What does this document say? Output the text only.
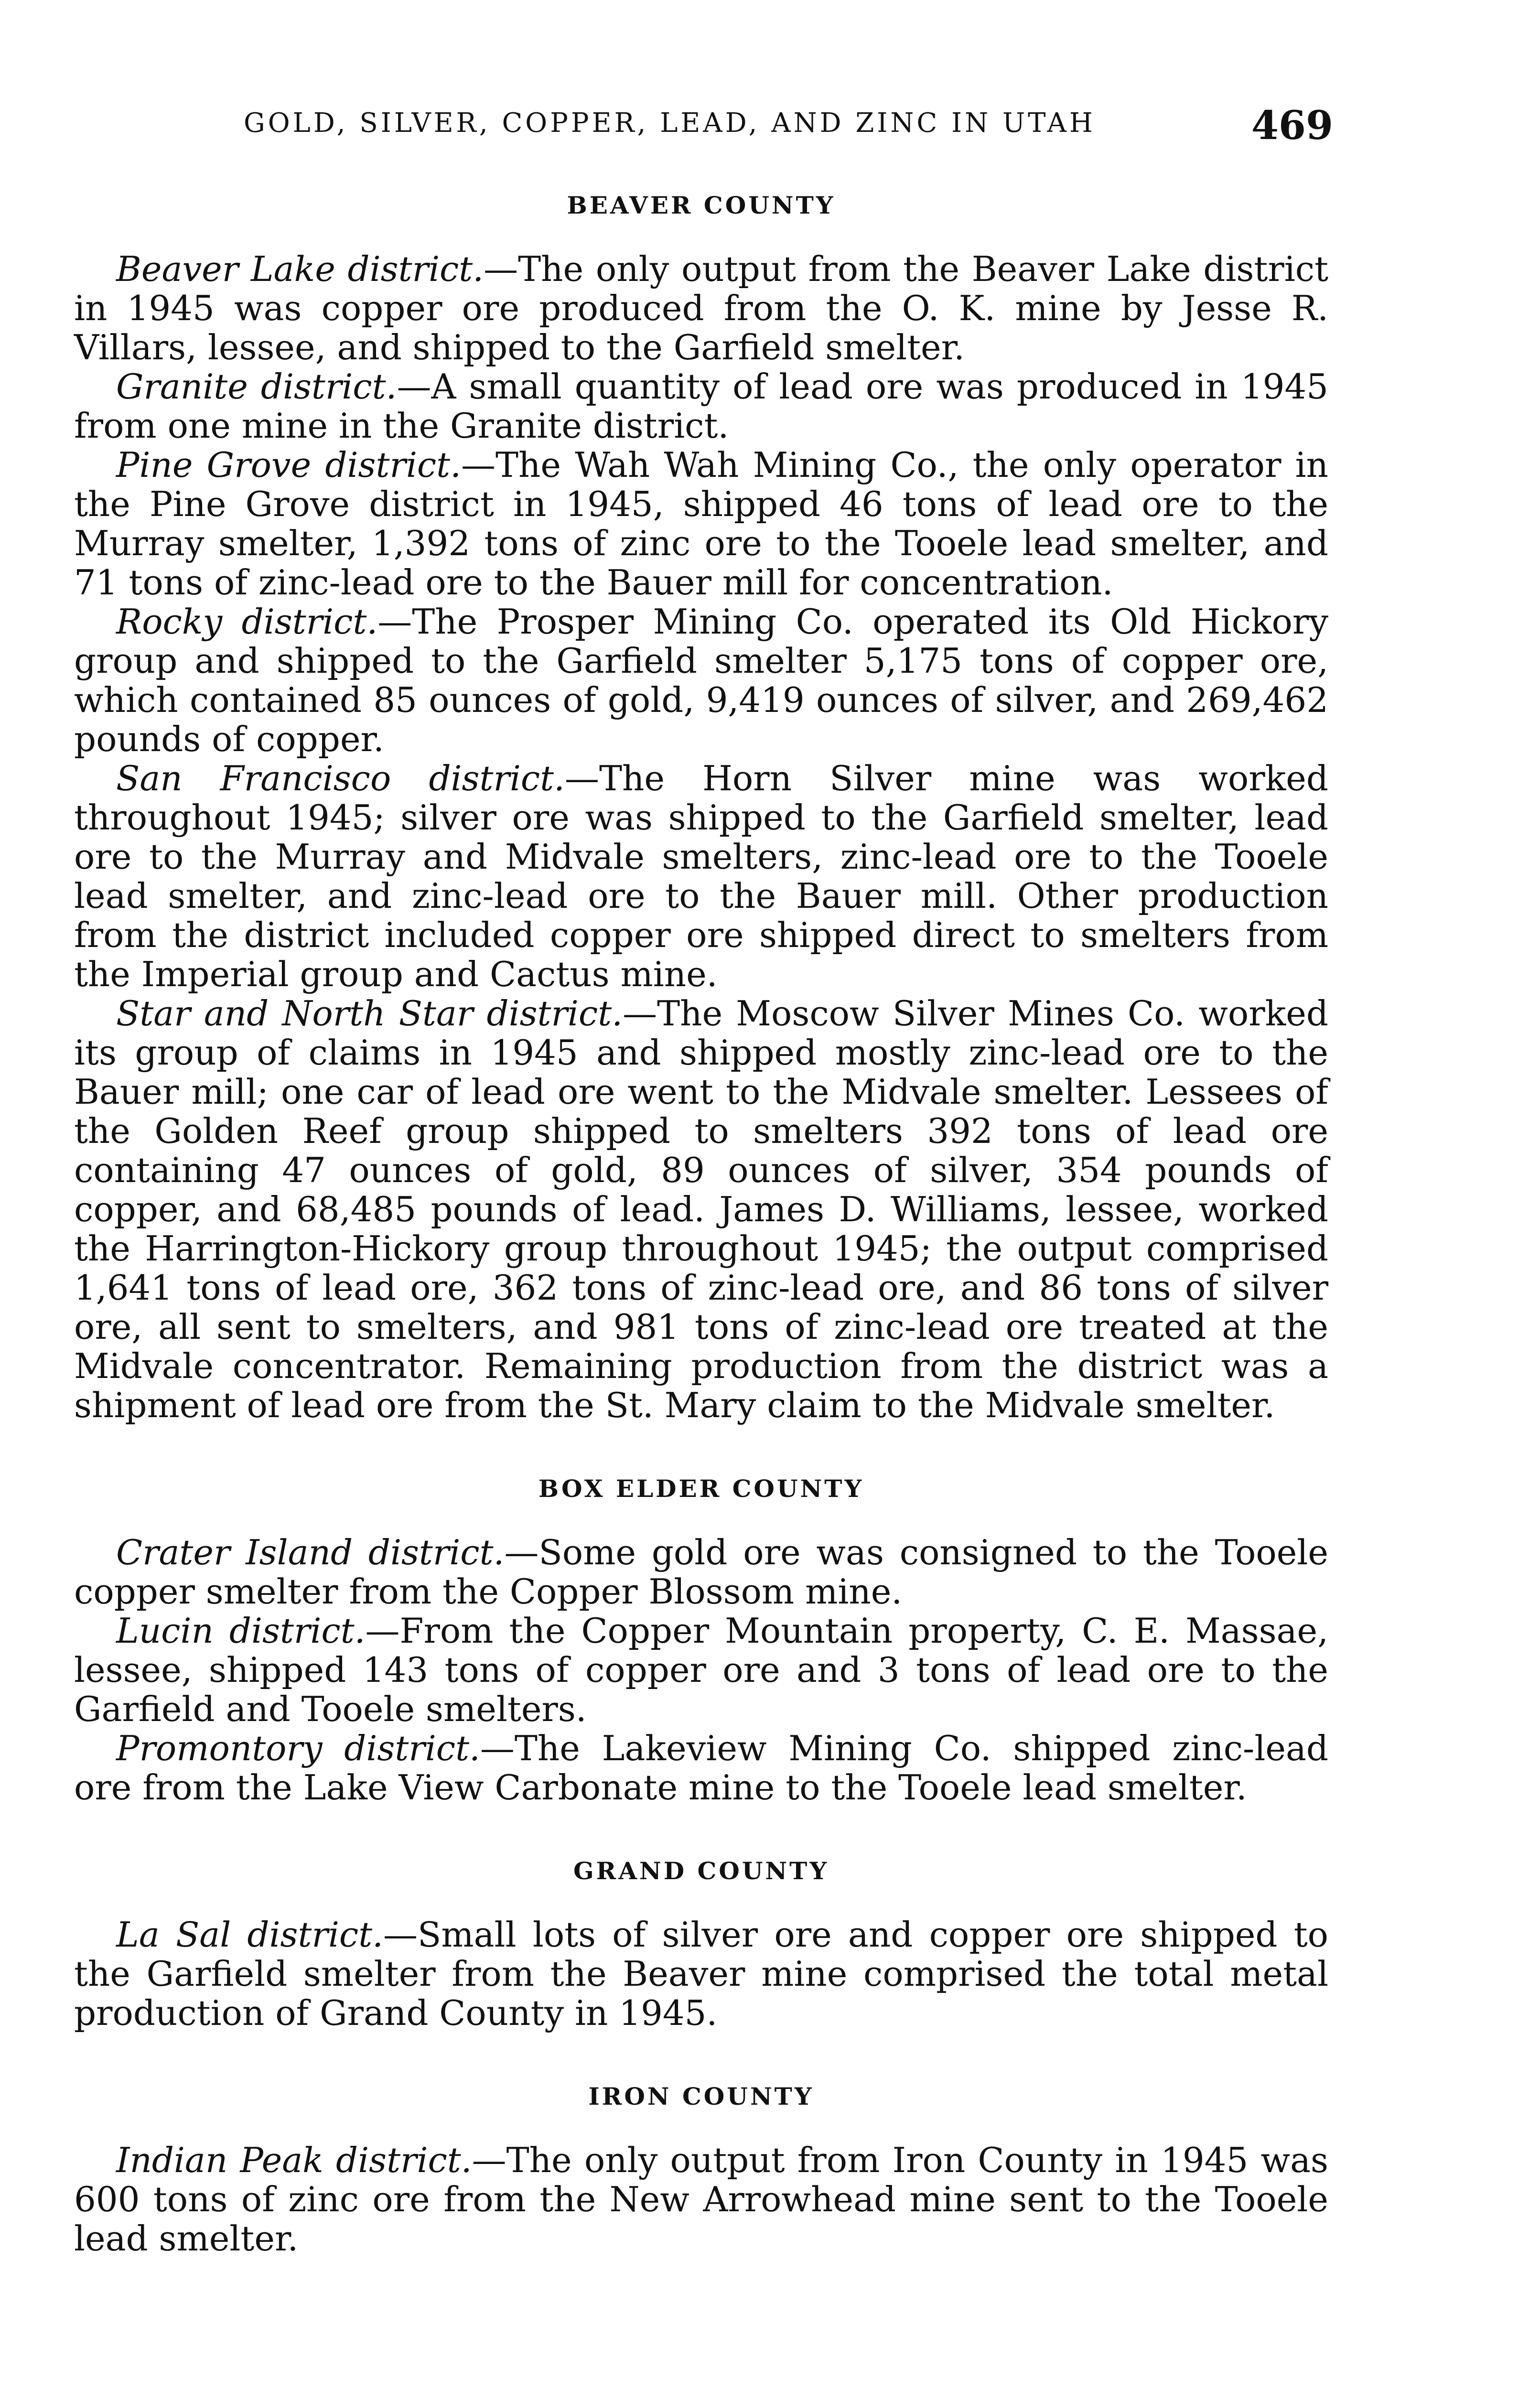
GOLD, SILVER, COPPER, LEAD, AND ZINC IN UTAH	469
BEAVER COUNTY

Beaver Lake district.—The only output from the Beaver Lake district in 1945 was copper ore produced from the O. K. mine by Jesse R. Villars, lessee, and shipped to the Garfield smelter.

Granite district.—A small quantity of lead ore was produced in 1945 from one mine in the Granite district.

Pine Grove district.—The Wah Wah Mining Co., the only operator in the Pine Grove district in 1945, shipped 46 tons of lead ore to the Murray smelter, 1,392 tons of zinc ore to the Tooele lead smelter, and 71 tons of zinc-lead ore to the Bauer mill for concentration.

Rocky district.—The Prosper Mining Co. operated its Old Hickory group and shipped to the Garfield smelter 5,175 tons of copper ore, which contained 85 ounces of gold, 9,419 ounces of silver, and 269,462 pounds of copper.

San Francisco district.—The Horn Silver mine was worked throughout 1945; silver ore was shipped to the Garfield smelter, lead ore to the Murray and Midvale smelters, zinc-lead ore to the Tooele lead smelter, and zinc-lead ore to the Bauer mill. Other production from the district included copper ore shipped direct to smelters from the Imperial group and Cactus mine.

Star and North Star district.—The Moscow Silver Mines Co. worked its group of claims in 1945 and shipped mostly zinc-lead ore to the Bauer mill; one car of lead ore went to the Midvale smelter. Lessees of the Golden Reef group shipped to smelters 392 tons of lead ore containing 47 ounces of gold, 89 ounces of silver, 354 pounds of copper, and 68,485 pounds of lead. James D. Williams, lessee, worked the Harrington-Hickory group throughout 1945; the output comprised 1,641 tons of lead ore, 362 tons of zinc-lead ore, and 86 tons of silver ore, all sent to smelters, and 981 tons of zinc-lead ore treated at the Midvale concentrator. Remaining production from the district was a shipment of lead ore from the St. Mary claim to the Midvale smelter.

BOX ELDER COUNTY

Crater Island district.—Some gold ore was consigned to the Tooele copper smelter from the Copper Blossom mine.

Lucin district.—From the Copper Mountain property, C. E. Massae, lessee, shipped 143 tons of copper ore and 3 tons of lead ore to the Garfield and Tooele smelters.

Promontory district.—The Lakeview Mining Co. shipped zinc-lead ore from the Lake View Carbonate mine to the Tooele lead smelter.

GRAND COUNTY

La Sal district.—Small lots of silver ore and copper ore shipped to the Garfield smelter from the Beaver mine comprised the total metal production of Grand County in 1945.

IRON COUNTY

Indian Peak district.—The only output from Iron County in 1945 was 600 tons of zinc ore from the New Arrowhead mine sent to the Tooele lead smelter.
